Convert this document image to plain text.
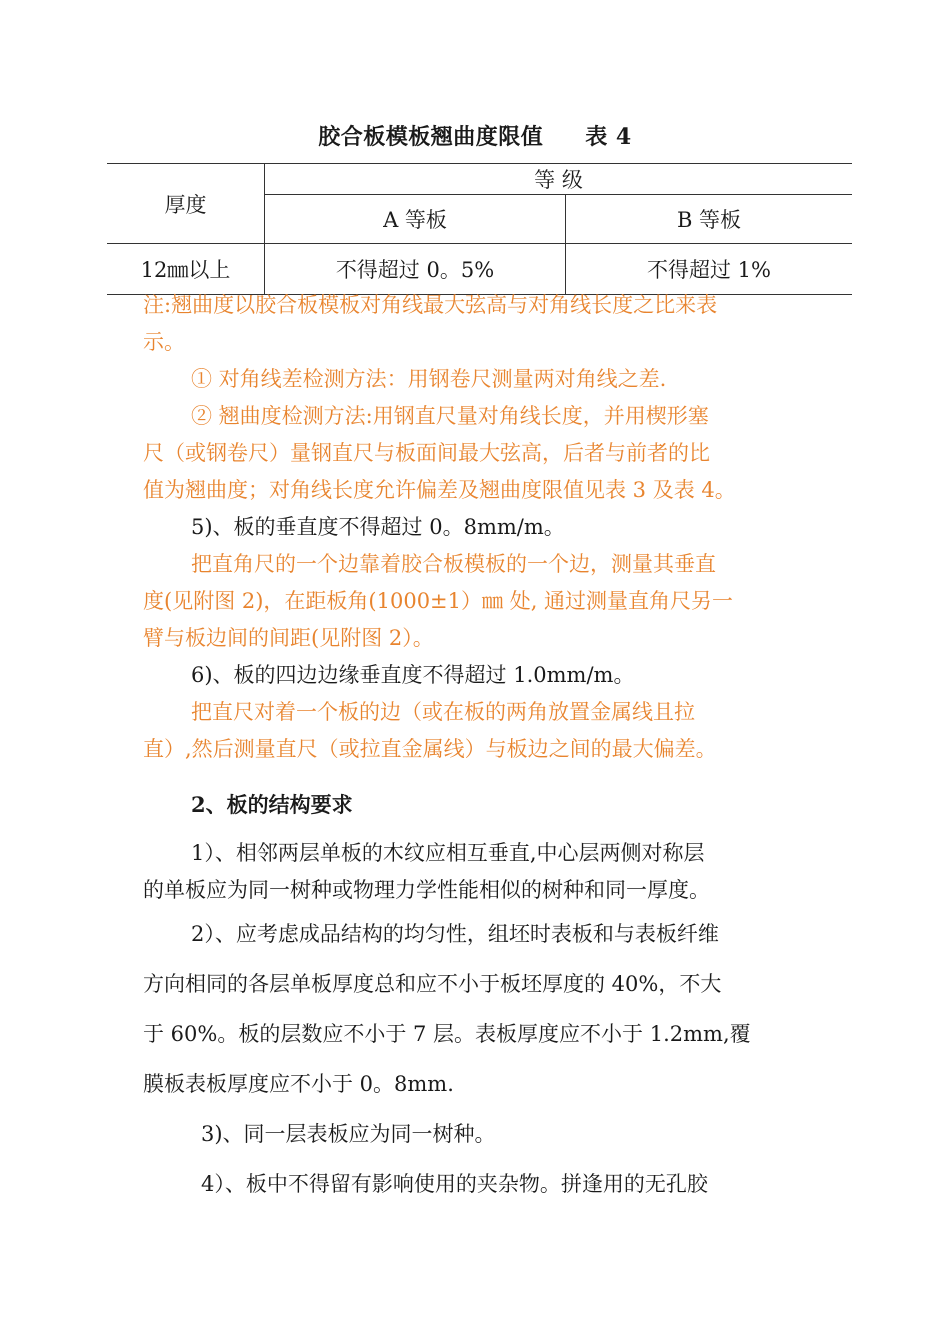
胶合板模板翘曲度限值 表 4
厚度	等 级	
	A 等板	B 等板
12㎜以上	不得超过 0。5%	不得超过 1%

注:翘曲度以胶合板模板对角线最大弦高与对角线长度之比来表

示。

① 对角线差检测方法：用钢卷尺测量两对角线之差.

② 翘曲度检测方法:用钢直尺量对角线长度，并用楔形塞

尺（或钢卷尺）量钢直尺与板面间最大弦高，后者与前者的比

值为翘曲度；对角线长度允许偏差及翘曲度限值见表 3 及表 4。

5)、板的垂直度不得超过 0。8mm/m。

把直角尺的一个边靠着胶合板模板的一个边，测量其垂直

度(见附图 2)，在距板角(1000±1）㎜ 处, 通过测量直角尺另一

臂与板边间的间距(见附图 2）。

6)、板的四边边缘垂直度不得超过 1.0mm/m。

把直尺对着一个板的边（或在板的两角放置金属线且拉

直）,然后测量直尺（或拉直金属线）与板边之间的最大偏差。

2、板的结构要求

1）、相邻两层单板的木纹应相互垂直,中心层两侧对称层

的单板应为同一树种或物理力学性能相似的树种和同一厚度。

2）、应考虑成品结构的均匀性，组坯时表板和与表板纤维

方向相同的各层单板厚度总和应不小于板坯厚度的 40%，不大

于 60%。板的层数应不小于 7 层。表板厚度应不小于 1.2mm,覆

膜板表板厚度应不小于 0。8mm.

3)、同一层表板应为同一树种。

4）、板中不得留有影响使用的夹杂物。拼逢用的无孔胶
